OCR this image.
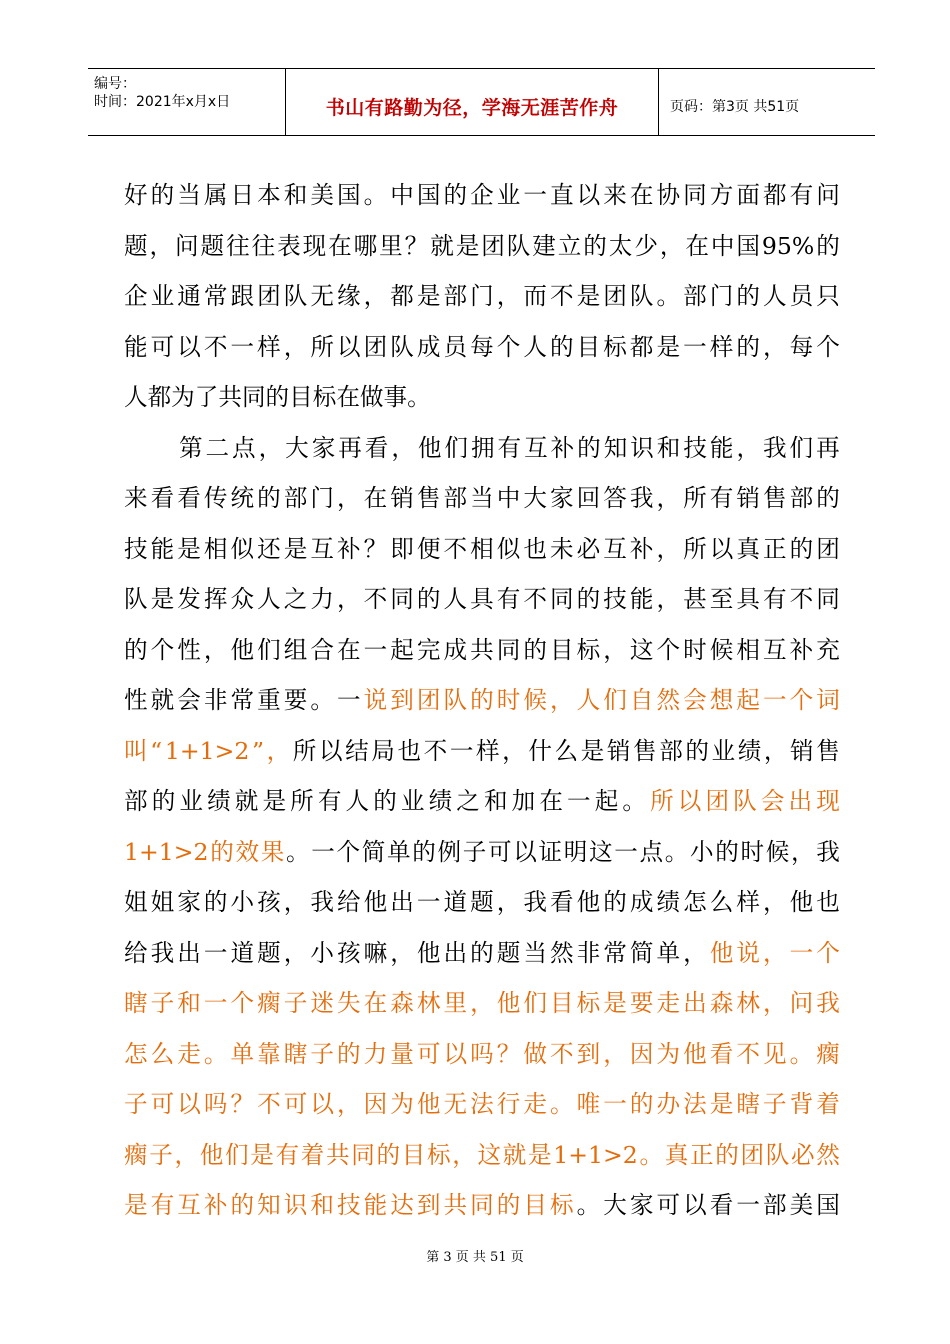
编号：
时间：2021年x月x日	书山有路勤为径，学海无涯苦作舟	页码：第3页 共51页
好 的 当 属 日 本 和 美 国 。 中 国 的 企 业 一 直 以 来 在 协 同 方 面 都 有 问
题 ， 问 题 往 往 表 现 在 哪 里 ？ 就 是 团 队 建 立 的 太 少 ， 在 中 国 95% 的
企 业 通 常 跟 团 队 无 缘 ， 都 是 部 门 ， 而 不 是 团 队 。 部 门 的 人 员 只
能 可 以 不 一 样 ， 所 以 团 队 成 员 每 个 人 的 目 标 都 是 一 样 的 ， 每 个
人都为了共同的目标在做事。
第 二 点 ， 大 家 再 看 ， 他 们 拥 有 互 补 的 知 识 和 技 能 ， 我 们 再
来 看 看 传 统 的 部 门 ， 在 销 售 部 当 中 大 家 回 答 我 ， 所 有 销 售 部 的
技 能 是 相 似 还 是 互 补 ？ 即 便 不 相 似 也 未 必 互 补 ， 所 以 真 正 的 团
队 是 发 挥 众 人 之 力 ， 不 同 的 人 具 有 不 同 的 技 能 ， 甚 至 具 有 不 同
的 个 性 ， 他 们 组 合 在 一 起 完 成 共 同 的 目 标 ， 这 个 时 候 相 互 补 充
性 就 会 非 常 重 要 。 一 说 到 团 队 的 时 候 ， 人 们 自 然 会 想 起 一 个 词
叫 “ 1+1>2 ” ， 所 以 结 局 也 不 一 样 ， 什 么 是 销 售 部 的 业 绩 ， 销 售
部 的 业 绩 就 是 所 有 人 的 业 绩 之 和 加 在 一 起 。 所 以 团 队 会 出 现
1+1>2 的 效 果 。 一 个 简 单 的 例 子 可 以 证 明 这 一 点 。 小 的 时 候 ， 我
姐 姐 家 的 小 孩 ， 我 给 他 出 一 道 题 ， 我 看 他 的 成 绩 怎 么 样 ， 他 也
给 我 出 一 道 题 ， 小 孩 嘛 ， 他 出 的 题 当 然 非 常 简 单 ， 他 说 ， 一 个
瞎 子 和 一 个 瘸 子 迷 失 在 森 林 里 ， 他 们 目 标 是 要 走 出 森 林 ， 问 我
怎 么 走 。 单 靠 瞎 子 的 力 量 可 以 吗 ？ 做 不 到 ， 因 为 他 看 不 见 。 瘸
子 可 以 吗 ？ 不 可 以 ， 因 为 他 无 法 行 走 。 唯 一 的 办 法 是 瞎 子 背 着
瘸 子 ， 他 们 是 有 着 共 同 的 目 标 ， 这 就 是 1+1>2 。 真 正 的 团 队 必 然
是 有 互 补 的 知 识 和 技 能 达 到 共 同 的 目 标 。 大 家 可 以 看 一 部 美 国
第 3 页 共 51 页
